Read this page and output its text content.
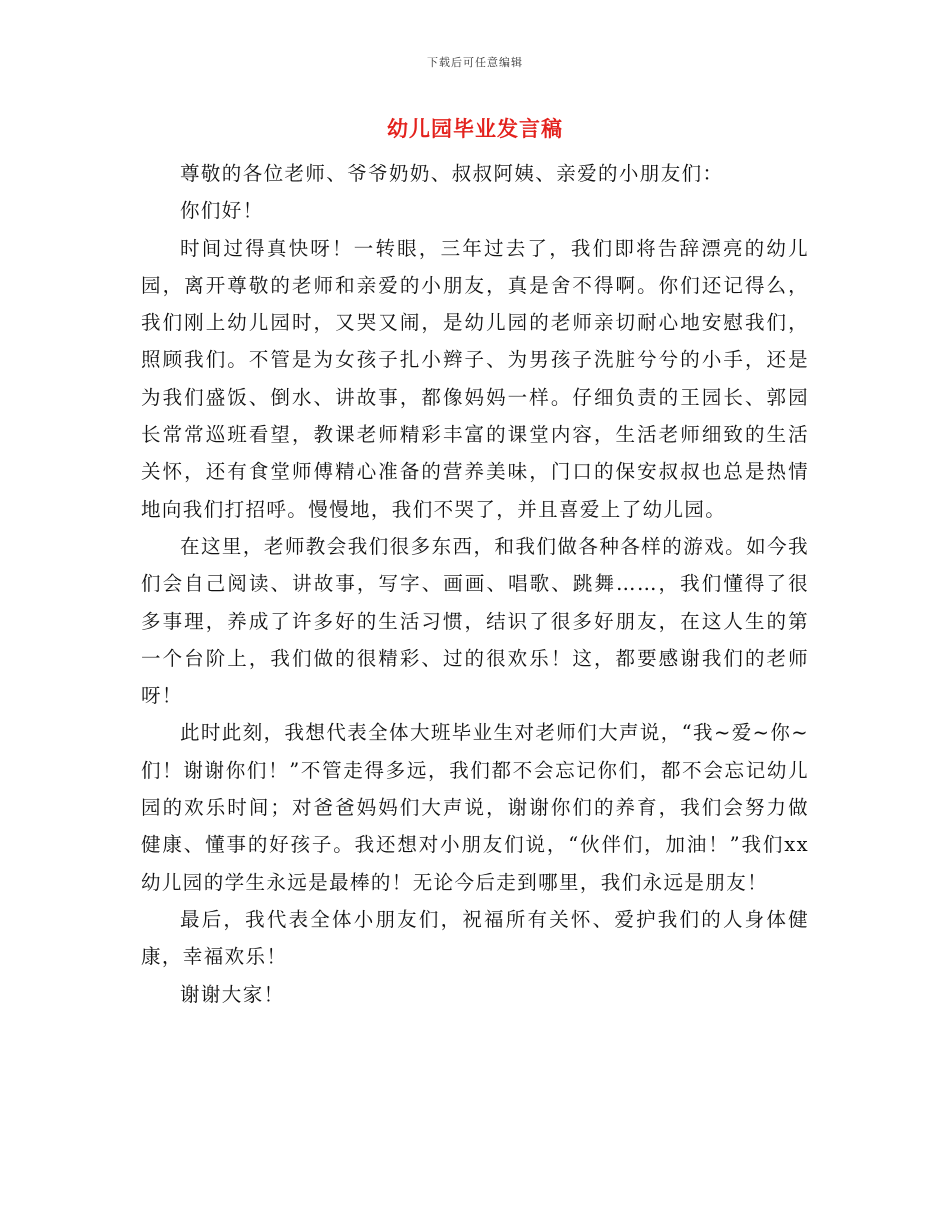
下载后可任意编辑
幼儿园毕业发言稿

尊敬的各位老师、爷爷奶奶、叔叔阿姨、亲爱的小朋友们：

你们好！

时间过得真快呀！一转眼，三年过去了，我们即将告辞漂亮的幼儿园，离开尊敬的老师和亲爱的小朋友，真是舍不得啊。你们还记得么，我们刚上幼儿园时，又哭又闹，是幼儿园的老师亲切耐心地安慰我们，照顾我们。不管是为女孩子扎小辫子、为男孩子洗脏兮兮的小手，还是为我们盛饭、倒水、讲故事，都像妈妈一样。仔细负责的王园长、郭园长常常巡班看望，教课老师精彩丰富的课堂内容，生活老师细致的生活关怀，还有食堂师傅精心准备的营养美味，门口的保安叔叔也总是热情地向我们打招呼。慢慢地，我们不哭了，并且喜爱上了幼儿园。

在这里，老师教会我们很多东西，和我们做各种各样的游戏。如今我们会自己阅读、讲故事，写字、画画、唱歌、跳舞……，我们懂得了很多事理，养成了许多好的生活习惯，结识了很多好朋友，在这人生的第一个台阶上，我们做的很精彩、过的很欢乐！这，都要感谢我们的老师呀！

此时此刻，我想代表全体大班毕业生对老师们大声说，“我~爱~你~们！谢谢你们！”不管走得多远，我们都不会忘记你们，都不会忘记幼儿园的欢乐时间；对爸爸妈妈们大声说，谢谢你们的养育，我们会努力做健康、懂事的好孩子。我还想对小朋友们说，“伙伴们，加油！”我们xx幼儿园的学生永远是最棒的！无论今后走到哪里，我们永远是朋友！

最后，我代表全体小朋友们，祝福所有关怀、爱护我们的人身体健康，幸福欢乐！

谢谢大家！
